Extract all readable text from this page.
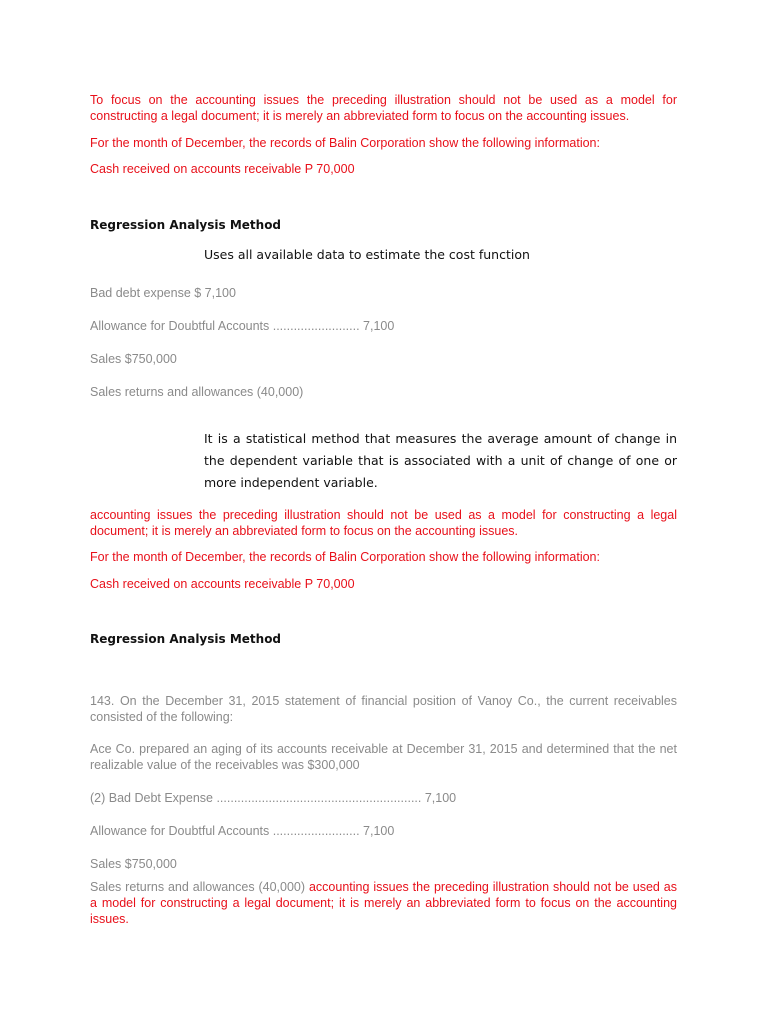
To focus on the accounting issues the preceding illustration should not be used as a model for constructing a legal document; it is merely an abbreviated form to focus on the accounting issues.

For the month of December, the records of Balin Corporation show the following information:

Cash received on accounts receivable P 70,000

Regression Analysis Method

Uses all available data to estimate the cost function

Bad debt expense $ 7,100

Allowance for Doubtful Accounts ......................... 7,100

Sales $750,000

Sales returns and allowances (40,000)

It is a statistical method that measures the average amount of change in the dependent variable that is associated with a unit of change of one or more independent variable.

accounting issues the preceding illustration should not be used as a model for constructing a legal document; it is merely an abbreviated form to focus on the accounting issues.

For the month of December, the records of Balin Corporation show the following information:

Cash received on accounts receivable P 70,000

Regression Analysis Method

143. On the December 31, 2015 statement of financial position of Vanoy Co., the current receivables consisted of the following:

Ace Co. prepared an aging of its accounts receivable at December 31, 2015 and determined that the net realizable value of the receivables was $300,000

(2) Bad Debt Expense ........................................................... 7,100

Allowance for Doubtful Accounts ......................... 7,100

Sales $750,000

Sales returns and allowances (40,000) accounting issues the preceding illustration should not be used as a model for constructing a legal document; it is merely an abbreviated form to focus on the accounting issues.
